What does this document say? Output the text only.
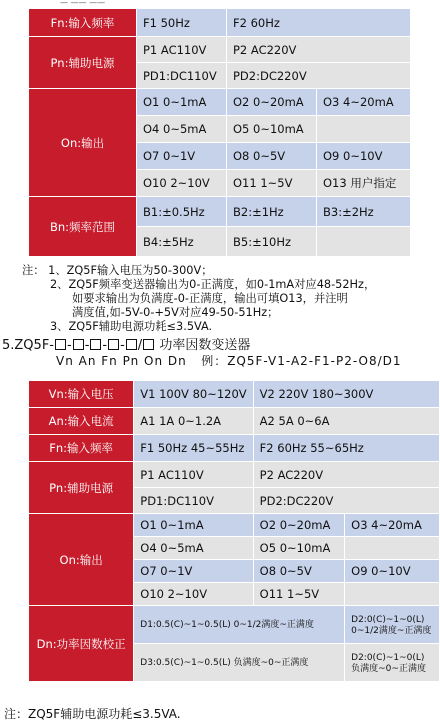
— —— ——
Fn:输入频率	F1 50Hz	F2 60Hz	
Pn:辅助电源	P1 AC110V	P2 AC220V	
	PD1:DC110V	PD2:DC220V	
On:输出	O1 0~1mA	O2 0~20mA	O3 4~20mA
	O4 0~5mA	O5 0~10mA	
	O7 0~1V	O8 0~5V	O9 0~10V
	O10 2~10V	O11 1~5V	O13 用户指定
Bn:频率范围	B1:±0.5Hz	B2:±1Hz	B3:±2Hz
	B4:±5Hz	B5:±10Hz	
注： 1、ZQ5F输入电压为50-300V；
2、ZQ5F频率变送器输出为0-正满度，如0-1mA对应48-52Hz，
如要求输出为负满度-0-正满度，输出可填O13，并注明
满度值,如-5V-0-+5V对应49-50-51Hz；
3、ZQ5F辅助电源功耗≤3.5VA.
5.ZQ5F- - - - - / 功率因数变送器
Vn An Fn Pn On Dn 例：ZQ5F-V1-A2-F1-P2-O8/D1
Vn:输入电压	V1 100V 80~120V	V2 220V 180~300V	
An:输入电流	A1 1A 0~1.2A	A2 5A 0~6A	
Fn:输入频率	F1 50Hz 45~55Hz	F2 60Hz 55~65Hz	
Pn:辅助电源	P1 AC110V	P2 AC220V	
	PD1:DC110V	PD2:DC220V	
On:输出	O1 0~1mA	O2 0~20mA	O3 4~20mA
	O4 0~5mA	O5 0~10mA	
	O7 0~1V	O8 0~5V	O9 0~10V
	O10 2~10V	O11 1~5V	
Dn:功率因数校正	D1:0.5(C)~1~0.5(L) 0~1/2满度~正满度		D2:0(C)~1~0(L) 0~1/2满度~正满度
	D3:0.5(C)~1~0.5(L) 负满度~0~正满度		D2:0(C)~1~0(L) 负满度~0~正满度
注：ZQ5F辅助电源功耗≤3.5VA.
